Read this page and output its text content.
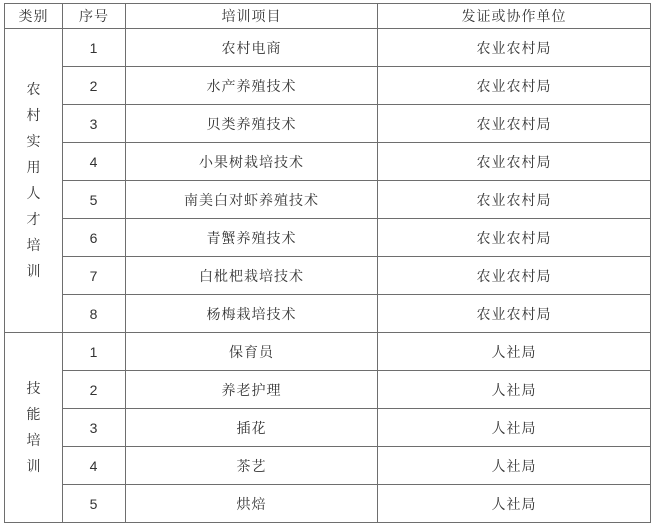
类别	序号	培训项目	发证或协作单位
农村实用人才培训	1	农村电商	农业农村局
	2	水产养殖技术	农业农村局
	3	贝类养殖技术	农业农村局
	4	小果树栽培技术	农业农村局
	5	南美白对虾养殖技术	农业农村局
	6	青蟹养殖技术	农业农村局
	7	白枇杷栽培技术	农业农村局
	8	杨梅栽培技术	农业农村局
技能培训	1	保育员	人社局
	2	养老护理	人社局
	3	插花	人社局
	4	茶艺	人社局
	5	烘焙	人社局
